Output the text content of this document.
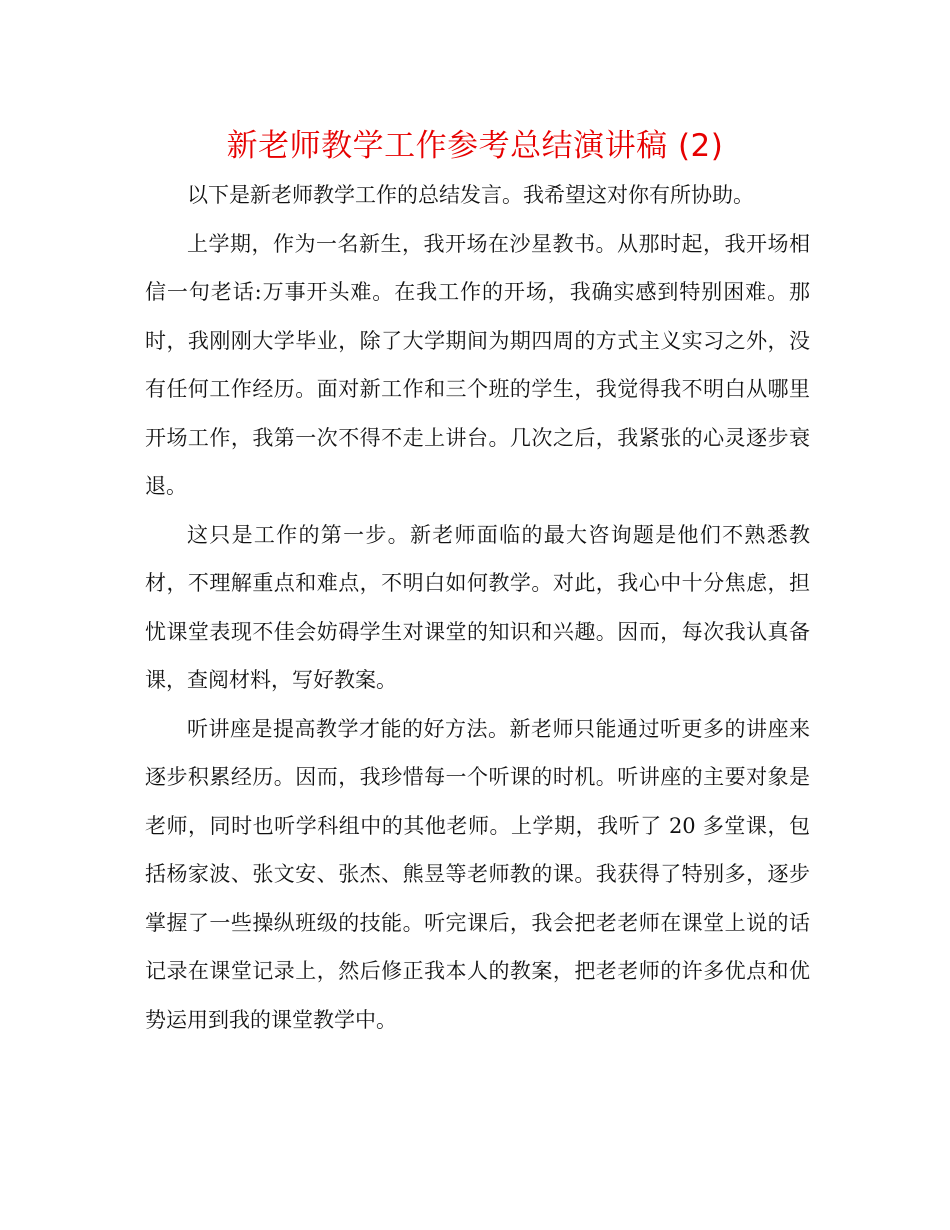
新老师教学工作参考总结演讲稿 (2)

以下是新老师教学工作的总结发言。我希望这对你有所协助。

上学期，作为一名新生，我开场在沙星教书。从那时起，我开场相信一句老话:万事开头难。在我工作的开场，我确实感到特别困难。那时，我刚刚大学毕业，除了大学期间为期四周的方式主义实习之外，没有任何工作经历。面对新工作和三个班的学生，我觉得我不明白从哪里开场工作，我第一次不得不走上讲台。几次之后，我紧张的心灵逐步衰退。

这只是工作的第一步。新老师面临的最大咨询题是他们不熟悉教材，不理解重点和难点，不明白如何教学。对此，我心中十分焦虑，担忧课堂表现不佳会妨碍学生对课堂的知识和兴趣。因而，每次我认真备课，查阅材料，写好教案。

听讲座是提高教学才能的好方法。新老师只能通过听更多的讲座来逐步积累经历。因而，我珍惜每一个听课的时机。听讲座的主要对象是老师，同时也听学科组中的其他老师。上学期，我听了 20 多堂课，包括杨家波、张文安、张杰、熊昱等老师教的课。我获得了特别多，逐步掌握了一些操纵班级的技能。听完课后，我会把老老师在课堂上说的话记录在课堂记录上，然后修正我本人的教案，把老老师的许多优点和优势运用到我的课堂教学中。
